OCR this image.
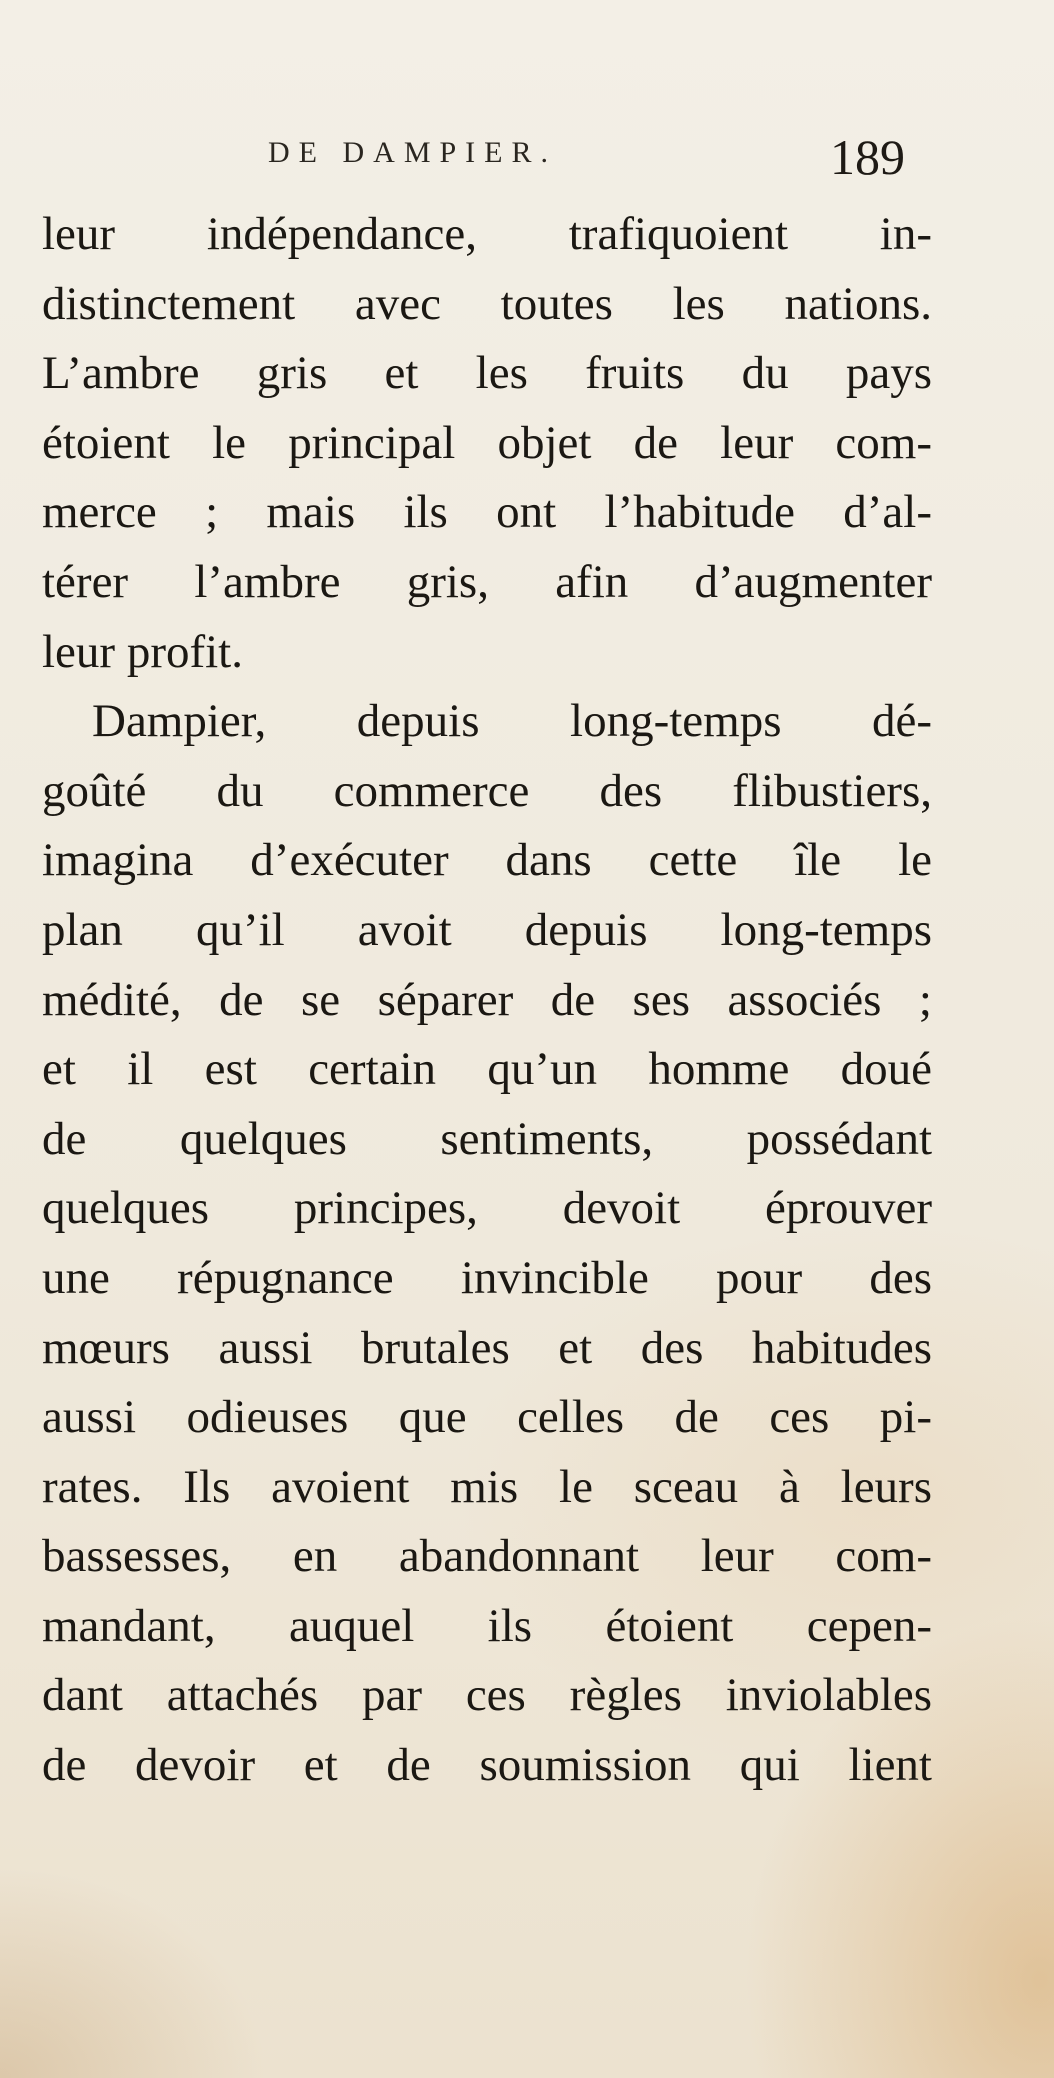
DE DAMPIER.	189
leur indépendance, trafiquoient in-
distinctement avec toutes les nations.
L’ambre gris et les fruits du pays
étoient le principal objet de leur com-
merce ; mais ils ont l’habitude d’al-
térer l’ambre gris, afin d’augmenter
leur profit.
Dampier, depuis long-temps dé-
goûté du commerce des flibustiers,
imagina d’exécuter dans cette île le
plan qu’il avoit depuis long-temps
médité, de se séparer de ses associés ;
et il est certain qu’un homme doué
de quelques sentiments, possédant
quelques principes, devoit éprouver
une répugnance invincible pour des
mœurs aussi brutales et des habitudes
aussi odieuses que celles de ces pi-
rates. Ils avoient mis le sceau à leurs
bassesses, en abandonnant leur com-
mandant, auquel ils étoient cepen-
dant attachés par ces règles inviolables
de devoir et de soumission qui lient
